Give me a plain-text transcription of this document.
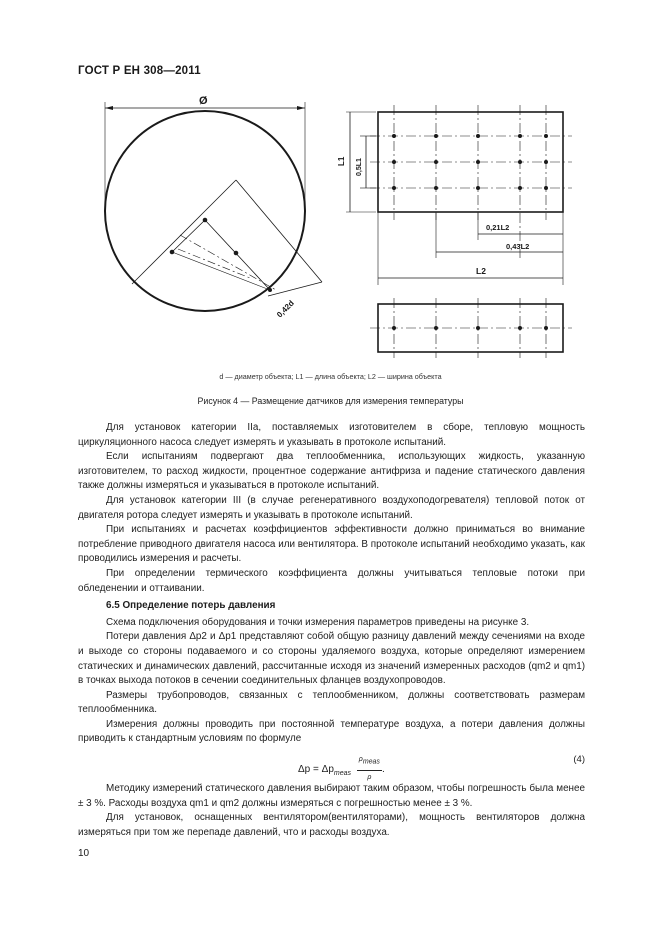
ГОСТ Р ЕН 308—2011
Ø
0,42d
L1 0,5L1
0,21L2
0,43L2
L2
d — диаметр объекта; L1 — длина объекта; L2 — ширина объекта
Рисунок 4 — Размещение датчиков для измерения температуры

Для установок категории IIa, поставляемых изготовителем в сборе, тепловую мощность циркуляционного насоса следует измерять и указывать в протоколе испытаний.

Если испытаниям подвергают два теплообменника, использующих жидкость, указанную изготовителем, то расход жидкости, процентное содержание антифриза и падение статического давления также должны измеряться и указываться в протоколе испытаний.

Для установок категории III (в случае регенеративного воздухоподогревателя) тепловой поток от двигателя ротора следует измерять и указывать в протоколе испытаний.

При испытаниях и расчетах коэффициентов эффективности должно приниматься во внимание потребление приводного двигателя насоса или вентилятора. В протоколе испытаний необходимо указать, как проводились измерения и расчеты.

При определении термического коэффициента должны учитываться тепловые потоки при обледенении и оттаивании.

6.5 Определение потерь давления

Схема подключения оборудования и точки измерения параметров приведены на рисунке 3.

Потери давления Δp2 и Δp1 представляют собой общую разницу давлений между сечениями на входе и выходе со стороны подаваемого и со стороны удаляемого воздуха, которые определяют измерением статических и динамических давлений, рассчитанные исходя из значений измеренных расходов (qm2 и qm1) в точках выхода потоков в сечении соединительных фланцев воздухопроводов.

Размеры трубопроводов, связанных с теплообменником, должны соответствовать размерам теплообменника.

Измерения должны проводить при постоянной температуре воздуха, а потери давления должны приводить к стандартным условиям по формуле

$\Delta p = \Delta p_{meas} \frac{\rho_{meas}}{\rho}$ .
(4)

Методику измерений статического давления выбирают таким образом, чтобы погрешность была менее ± 3 %. Расходы воздуха qm1 и qm2 должны измеряться с погрешностью менее ± 3 %.

Для установок, оснащенных вентилятором(вентиляторами), мощность вентиляторов должна измеряться при том же перепаде давлений, что и расходы воздуха.

10
